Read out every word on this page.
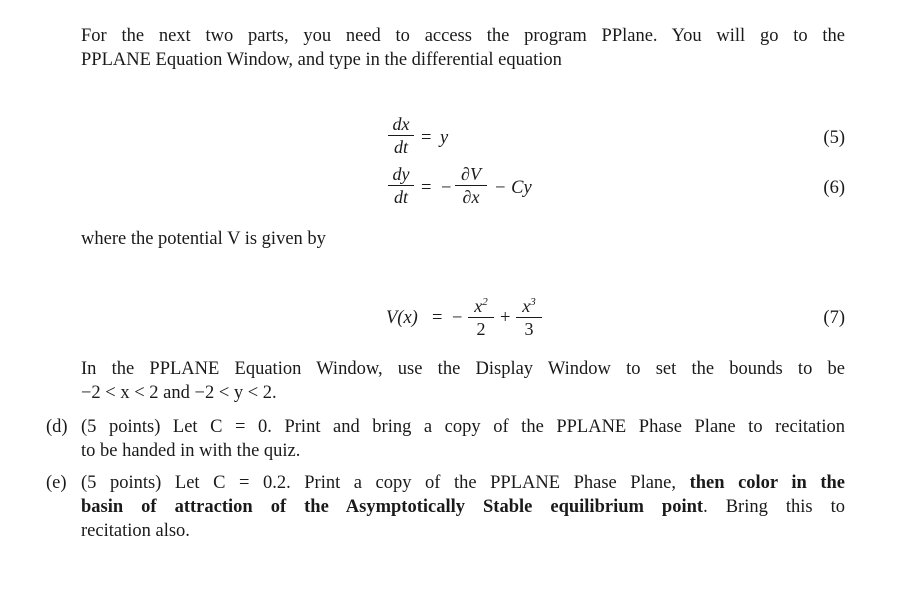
For the next two parts, you need to access the program PPlane. You will go to the
PPLANE Equation Window, and type in the differential equation
dx
dt = y	(5)
dy
dt = −
∂V
∂x − Cy	(6)
where the potential V is given by
V(x) = −
$x^2$
2
+
$x^3$
3
(7)
In the PPLANE Equation Window, use the Display Window to set the bounds to be
−2 < x < 2 and −2 < y < 2.
(d) (5 points) Let C = 0. Print and bring a copy of the PPLANE Phase Plane to recitation
to be handed in with the quiz.
(e) (5 points) Let C = 0.2. Print a copy of the PPLANE Phase Plane, then color in the
basin of attraction of the Asymptotically Stable equilibrium point. Bring this to
recitation also.
